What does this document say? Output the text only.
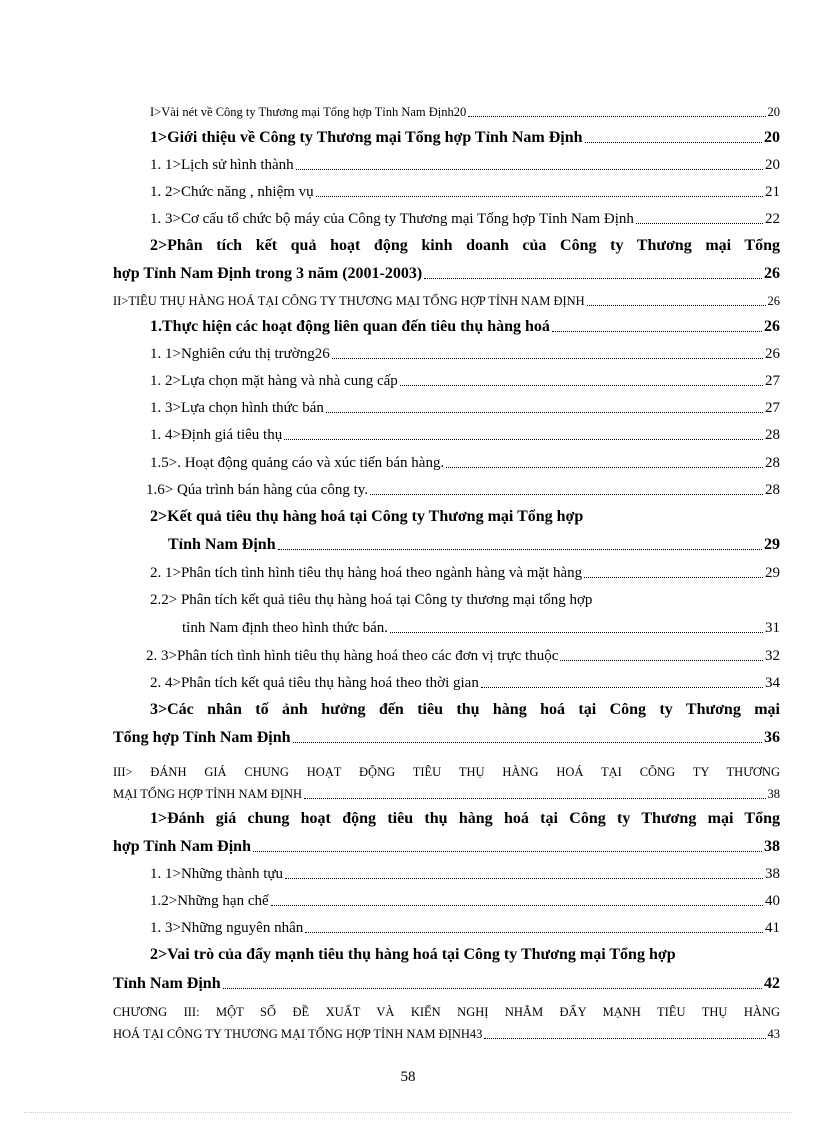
I>Vài nét về Công ty Thương mại Tổng hợp Tỉnh Nam Định20	20
1>Giới thiệu về Công ty Thương mại Tổng hợp Tỉnh Nam Định	20
1. 1>Lịch sử hình thành	20
1. 2>Chức năng , nhiệm vụ	21
1. 3>Cơ cấu tổ chức bộ máy của Công ty Thương mại Tổng hợp Tỉnh Nam Định	22
2>Phân tích kết quả hoạt động kinh doanh của Công ty Thương mại Tổng
hợp Tỉnh Nam Định trong 3 năm (2001-2003)	26
II>TIÊU THỤ HÀNG HOÁ TẠI CÔNG TY THƯƠNG MẠI TỔNG HỢP TỈNH NAM ĐỊNH	26
1.Thực hiện các hoạt động liên quan đến tiêu thụ hàng hoá	26
1. 1>Nghiên cứu thị trường26	26
1. 2>Lựa chọn mặt hàng và nhà cung cấp	27
1. 3>Lựa chọn hình thức bán	27
1. 4>Định giá tiêu thụ	28
1.5>. Hoạt động quảng cáo và xúc tiến bán hàng.	28
1.6> Qúa trình bán hàng của công ty.	28
2>Kết quả tiêu thụ hàng hoá tại Công ty Thương mại Tổng hợp
Tỉnh Nam Định	29
2. 1>Phân tích tình hình tiêu thụ hàng hoá theo ngành hàng và mặt hàng	29
2.2> Phân tích kết quả tiêu thụ hàng hoá tại Công ty thương mại tổng hợp
tỉnh Nam định theo hình thức bán.	31
2. 3>Phân tích tình hình tiêu thụ hàng hoá theo các đơn vị trực thuộc	32
2. 4>Phân tích kết quả tiêu thụ hàng hoá theo thời gian	34
3>Các nhân tố ảnh hưởng đến tiêu thụ hàng hoá tại Công ty Thương mại
Tổng hợp Tỉnh Nam Định	36
III> ĐÁNH GIÁ CHUNG HOẠT ĐỘNG TIÊU THỤ HÀNG HOÁ TẠI CÔNG TY THƯƠNG
MẠI TỔNG HỢP TỈNH NAM ĐỊNH	38
1>Đánh giá chung hoạt động tiêu thụ hàng hoá tại Công ty Thương mại Tổng
hợp Tỉnh Nam Định	38
1. 1>Những thành tựu	38
1.2>Những hạn chế	40
1. 3>Những nguyên nhân	41
2>Vai trò của đẩy mạnh tiêu thụ hàng hoá tại Công ty Thương mại Tổng hợp
Tỉnh Nam Định	42
CHƯƠNG III: MỘT SỐ ĐỀ XUẤT VÀ KIẾN NGHỊ NHẰM ĐẨY MẠNH TIÊU THỤ HÀNG
HOÁ TẠI CÔNG TY THƯƠNG MẠI TỔNG HỢP TỈNH NAM ĐỊNH43	43
58
